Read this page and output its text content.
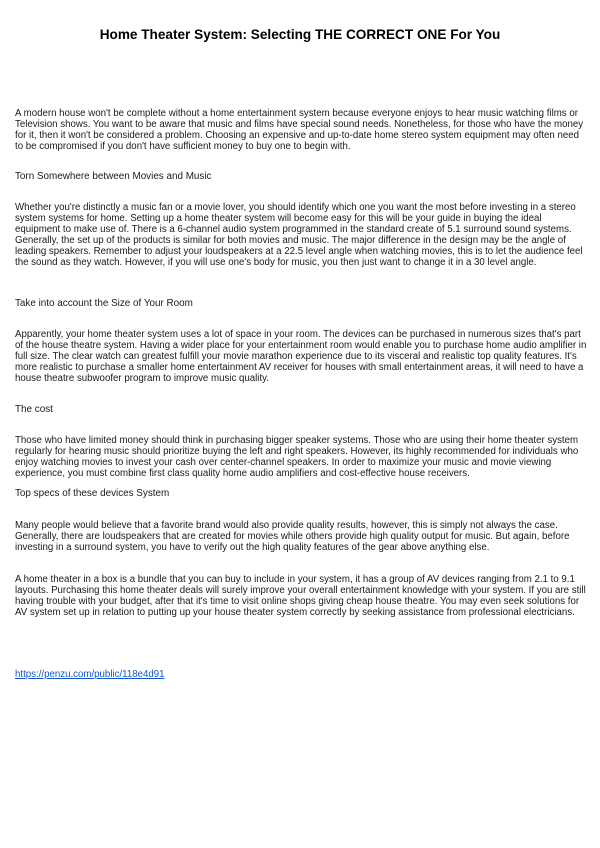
Home Theater System: Selecting THE CORRECT ONE For You

A modern house won't be complete without a home entertainment system because everyone enjoys to hear music watching films or Television shows. You want to be aware that music and films have special sound needs. Nonetheless, for those who have the money for it, then it won't be considered a problem. Choosing an expensive and up-to-date home stereo system equipment may often need to be compromised if you don't have sufficient money to buy one to begin with.

Torn Somewhere between Movies and Music

Whether you're distinctly a music fan or a movie lover, you should identify which one you want the most before investing in a stereo system systems for home. Setting up a home theater system will become easy for this will be your guide in buying the ideal equipment to make use of. There is a 6-channel audio system programmed in the standard create of 5.1 surround sound systems. Generally, the set up of the products is similar for both movies and music. The major difference in the design may be the angle of leading speakers. Remember to adjust your loudspeakers at a 22.5 level angle when watching movies, this is to let the audience feel the sound as they watch. However, if you will use one's body for music, you then just want to change it in a 30 level angle.

Take into account the Size of Your Room

Apparently, your home theater system uses a lot of space in your room. The devices can be purchased in numerous sizes that's part of the house theatre system. Having a wider place for your entertainment room would enable you to purchase home audio amplifier in full size. The clear watch can greatest fulfill your movie marathon experience due to its visceral and realistic top quality features. It's more realistic to purchase a smaller home entertainment AV receiver for houses with small entertainment areas, it will need to have a house theatre subwoofer program to improve music quality.

The cost

Those who have limited money should think in purchasing bigger speaker systems. Those who are using their home theater system regularly for hearing music should prioritize buying the left and right speakers. However, its highly recommended for individuals who enjoy watching movies to invest your cash over center-channel speakers. In order to maximize your music and movie viewing experience, you must combine first class quality home audio amplifiers and cost-effective house receivers.

Top specs of these devices System

Many people would believe that a favorite brand would also provide quality results, however, this is simply not always the case. Generally, there are loudspeakers that are created for movies while others provide high quality output for music. But again, before investing in a surround system, you have to verify out the high quality features of the gear above anything else.

A home theater in a box is a bundle that you can buy to include in your system, it has a group of AV devices ranging from 2.1 to 9.1 layouts. Purchasing this home theater deals will surely improve your overall entertainment knowledge with your system. If you are still having trouble with your budget, after that it's time to visit online shops giving cheap house theatre. You may even seek solutions for AV system set up in relation to putting up your house theater system correctly by seeking assistance from professional electricians.

https://penzu.com/public/118e4d91
